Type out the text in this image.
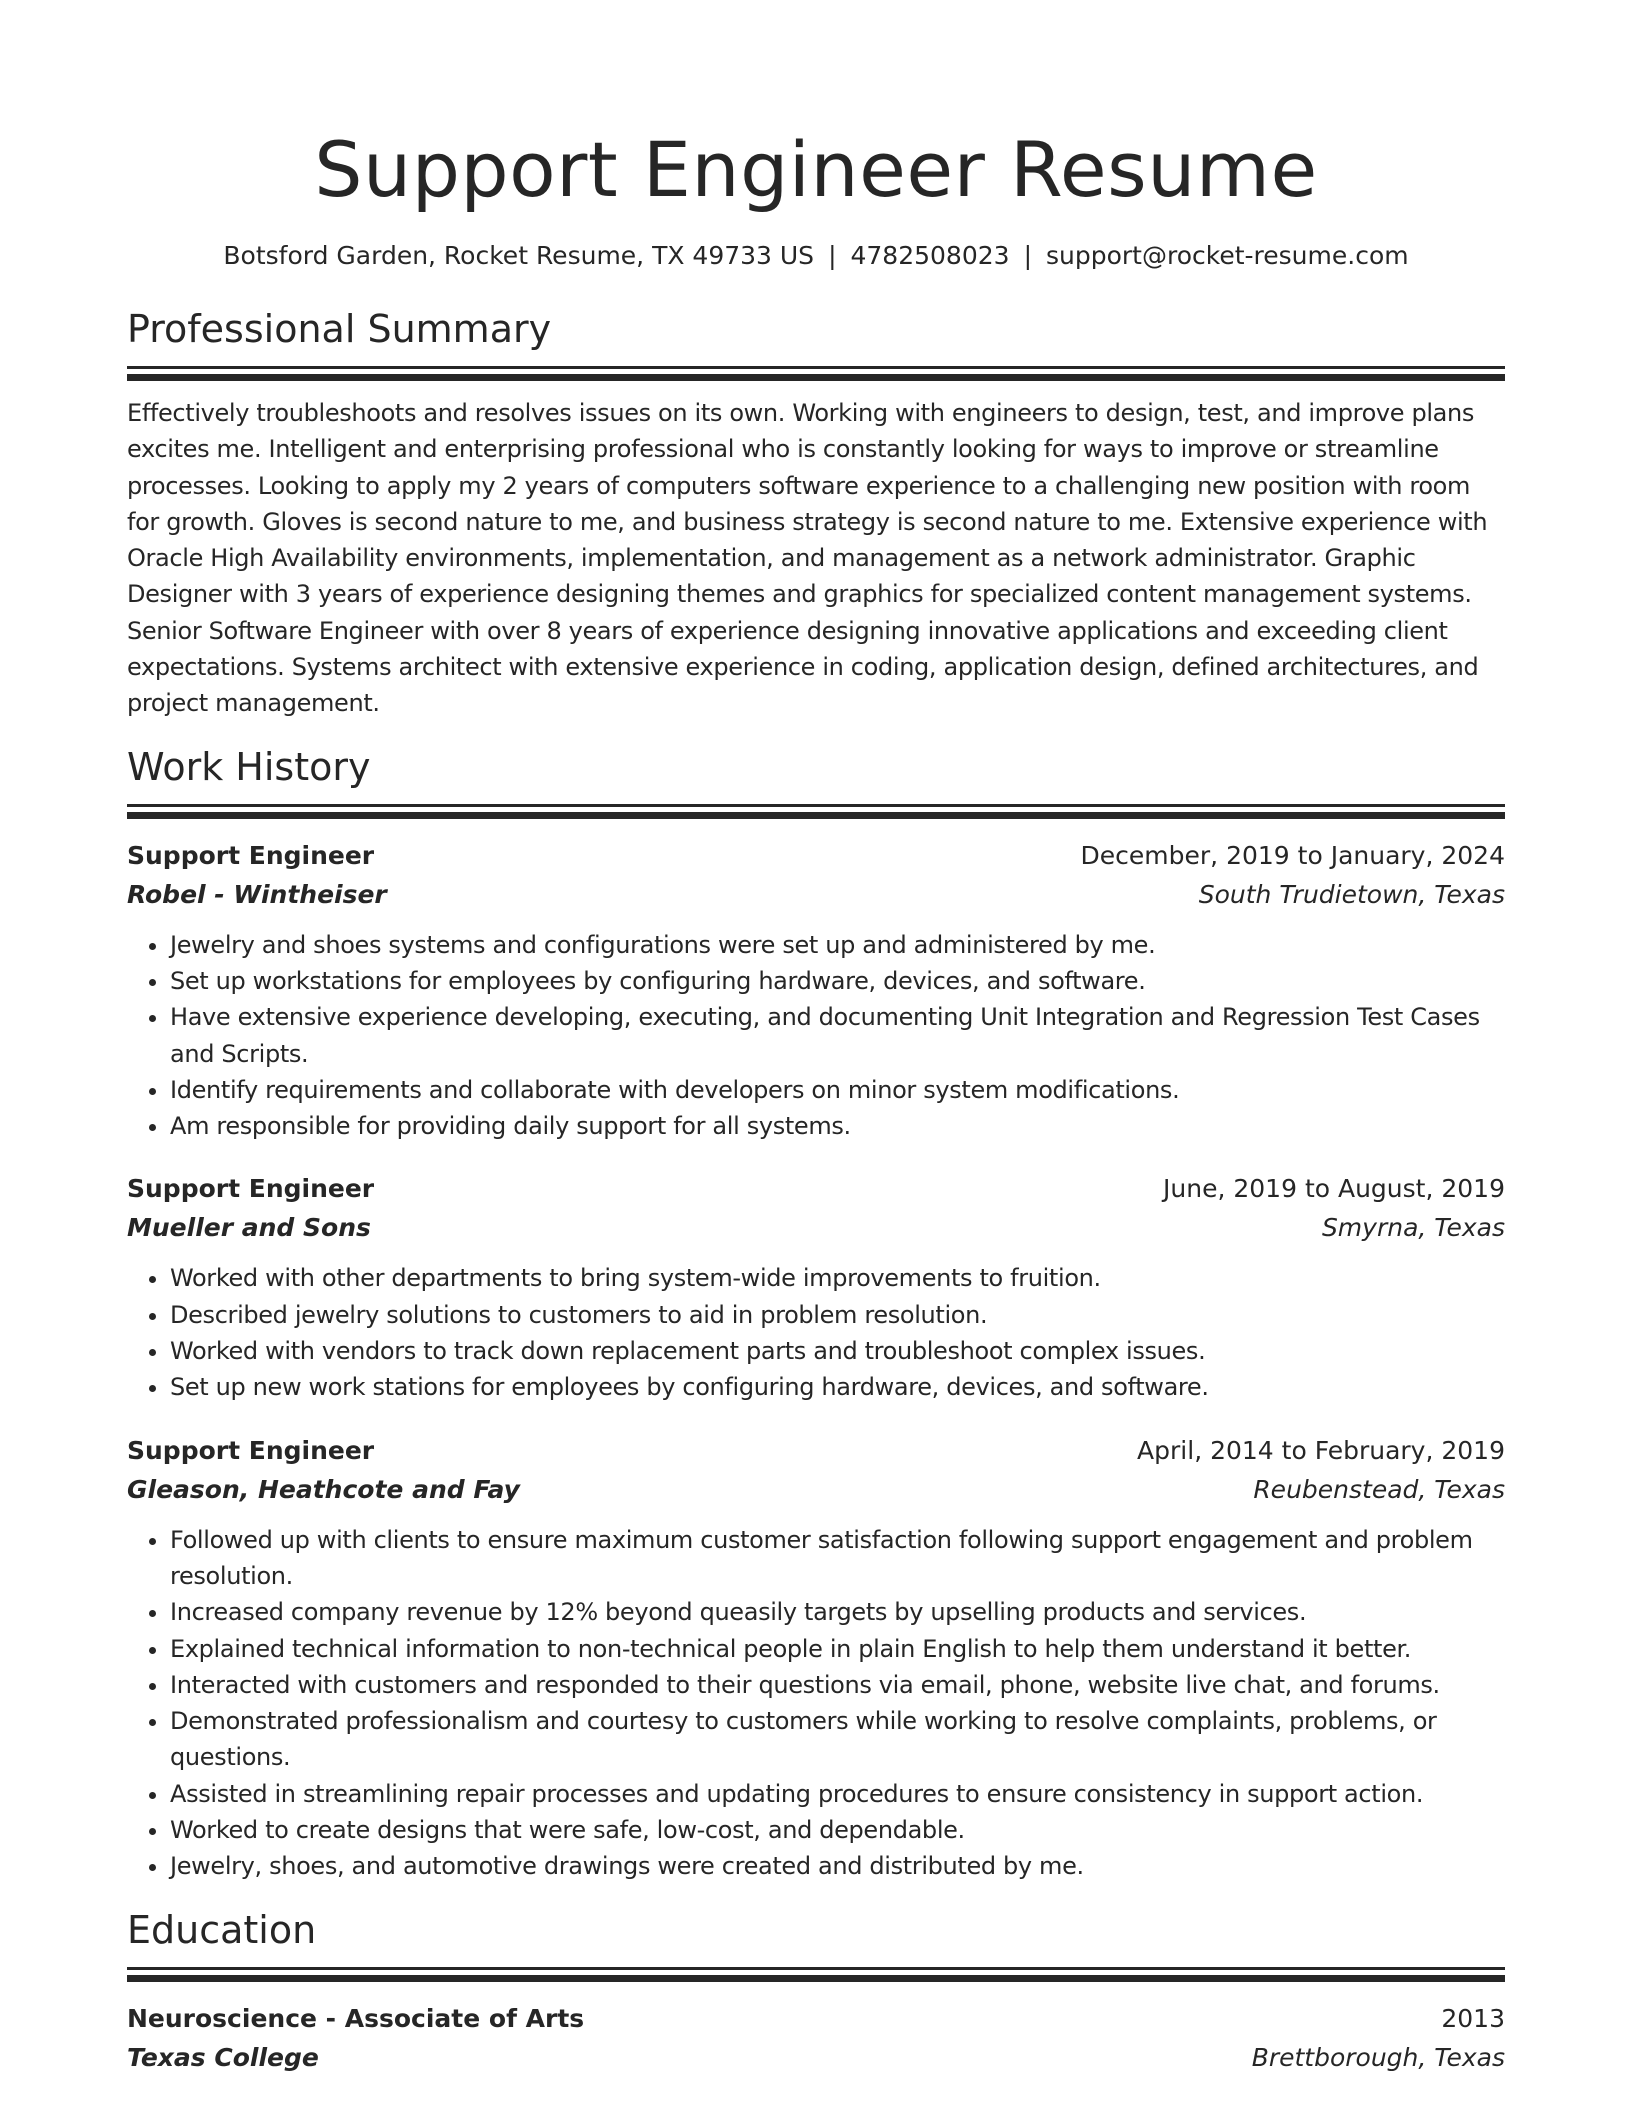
Support Engineer Resume
Botsford Garden, Rocket Resume, TX 49733 US | 4782508023 | support@rocket-resume.com
Professional Summary

Effectively troubleshoots and resolves issues on its own. Working with engineers to design, test, and improve plans excites me. Intelligent and enterprising professional who is constantly looking for ways to improve or streamline processes. Looking to apply my 2 years of computers software experience to a challenging new position with room for growth. Gloves is second nature to me, and business strategy is second nature to me. Extensive experience with Oracle High Availability environments, implementation, and management as a network administrator. Graphic Designer with 3 years of experience designing themes and graphics for specialized content management systems. Senior Software Engineer with over 8 years of experience designing innovative applications and exceeding client expectations. Systems architect with extensive experience in coding, application design, defined architectures, and project management.

Work History
Support Engineer	December, 2019 to January, 2024
Robel - Wintheiser	South Trudietown, Texas
• Jewelry and shoes systems and configurations were set up and administered by me.
• Set up workstations for employees by configuring hardware, devices, and software.
• Have extensive experience developing, executing, and documenting Unit Integration and Regression Test Cases and Scripts.
• Identify requirements and collaborate with developers on minor system modifications.
• Am responsible for providing daily support for all systems.
Support Engineer	June, 2019 to August, 2019
Mueller and Sons	Smyrna, Texas
• Worked with other departments to bring system-wide improvements to fruition.
• Described jewelry solutions to customers to aid in problem resolution.
• Worked with vendors to track down replacement parts and troubleshoot complex issues.
• Set up new work stations for employees by configuring hardware, devices, and software.
Support Engineer	April, 2014 to February, 2019
Gleason, Heathcote and Fay	Reubenstead, Texas
• Followed up with clients to ensure maximum customer satisfaction following support engagement and problem resolution.
• Increased company revenue by 12% beyond queasily targets by upselling products and services.
• Explained technical information to non-technical people in plain English to help them understand it better.
• Interacted with customers and responded to their questions via email, phone, website live chat, and forums.
• Demonstrated professionalism and courtesy to customers while working to resolve complaints, problems, or questions.
• Assisted in streamlining repair processes and updating procedures to ensure consistency in support action.
• Worked to create designs that were safe, low-cost, and dependable.
• Jewelry, shoes, and automotive drawings were created and distributed by me.
Education
Neuroscience - Associate of Arts	2013
Texas College	Brettborough, Texas
